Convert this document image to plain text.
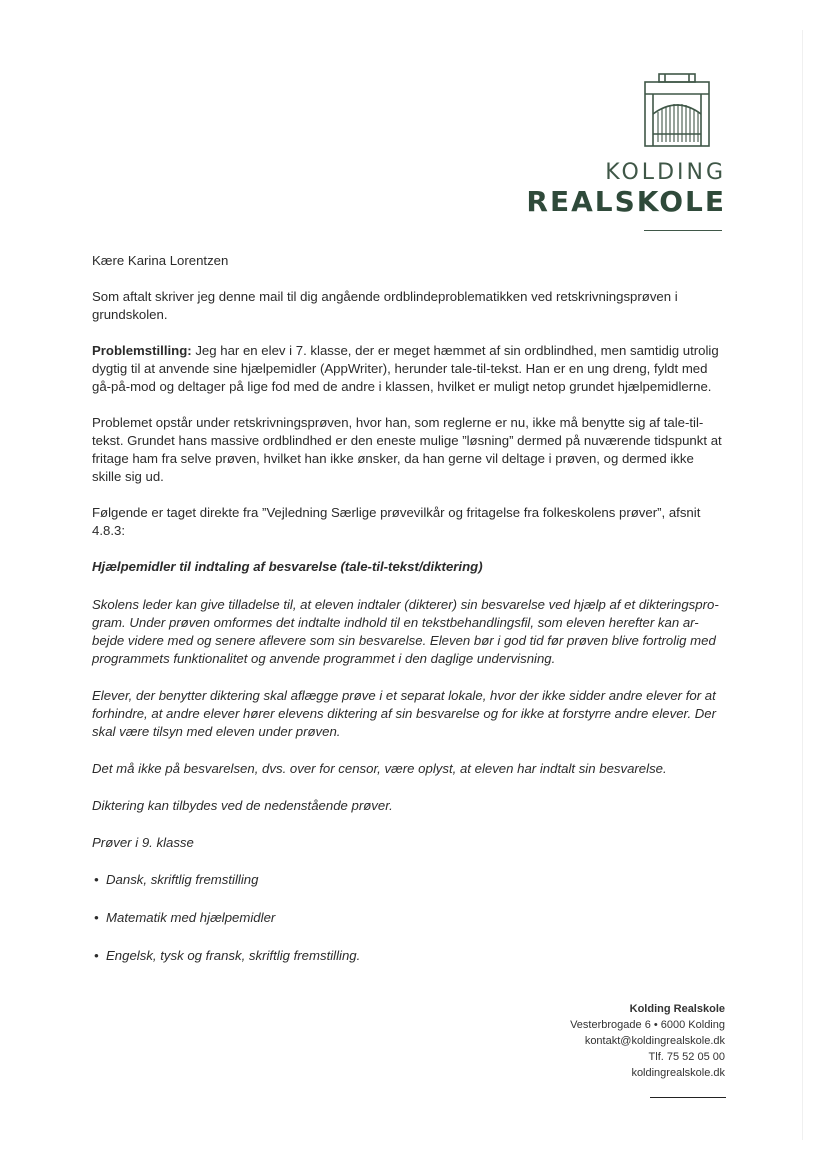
KOLDING
REALSKOLE

Kære Karina Lorentzen

Som aftalt skriver jeg denne mail til dig angående ordblindeproblematikken ved retskrivningsprøven i grundskolen.

Problemstilling: Jeg har en elev i 7. klasse, der er meget hæmmet af sin ordblindhed, men samtidig utrolig dygtig til at anvende sine hjælpemidler (AppWriter), herunder tale-til-tekst. Han er en ung dreng, fyldt med gå-på-mod og deltager på lige fod med de andre i klassen, hvilket er muligt netop grundet hjælpemidlerne.

Problemet opstår under retskrivningsprøven, hvor han, som reglerne er nu, ikke må benytte sig af tale-til-tekst. Grundet hans massive ordblindhed er den eneste mulige ”løsning” dermed på nuværende tidspunkt at fritage ham fra selve prøven, hvilket han ikke ønsker, da han gerne vil deltage i prøven, og dermed ikke skille sig ud.

Følgende er taget direkte fra ”Vejledning Særlige prøvevilkår og fritagelse fra folkeskolens prøver”, afsnit 4.8.3:

Hjælpemidler til indtaling af besvarelse (tale-til-tekst/diktering)

Skolens leder kan give tilladelse til, at eleven indtaler (dikterer) sin besvarelse ved hjælp af et dikteringspro-gram. Under prøven omformes det indtalte indhold til en tekstbehandlingsfil, som eleven herefter kan ar-bejde videre med og senere aflevere som sin besvarelse. Eleven bør i god tid før prøven blive fortrolig med programmets funktionalitet og anvende programmet i den daglige undervisning.

Elever, der benytter diktering skal aflægge prøve i et separat lokale, hvor der ikke sidder andre elever for at forhindre, at andre elever hører elevens diktering af sin besvarelse og for ikke at forstyrre andre elever. Der skal være tilsyn med eleven under prøven.

Det må ikke på besvarelsen, dvs. over for censor, være oplyst, at eleven har indtalt sin besvarelse.

Diktering kan tilbydes ved de nedenstående prøver.

Prøver i 9. klasse

• Dansk, skriftlig fremstilling

• Matematik med hjælpemidler

• Engelsk, tysk og fransk, skriftlig fremstilling.

Kolding Realskole
Vesterbrogade 6 • 6000 Kolding
kontakt@koldingrealskole.dk
Tlf. 75 52 05 00
koldingrealskole.dk
